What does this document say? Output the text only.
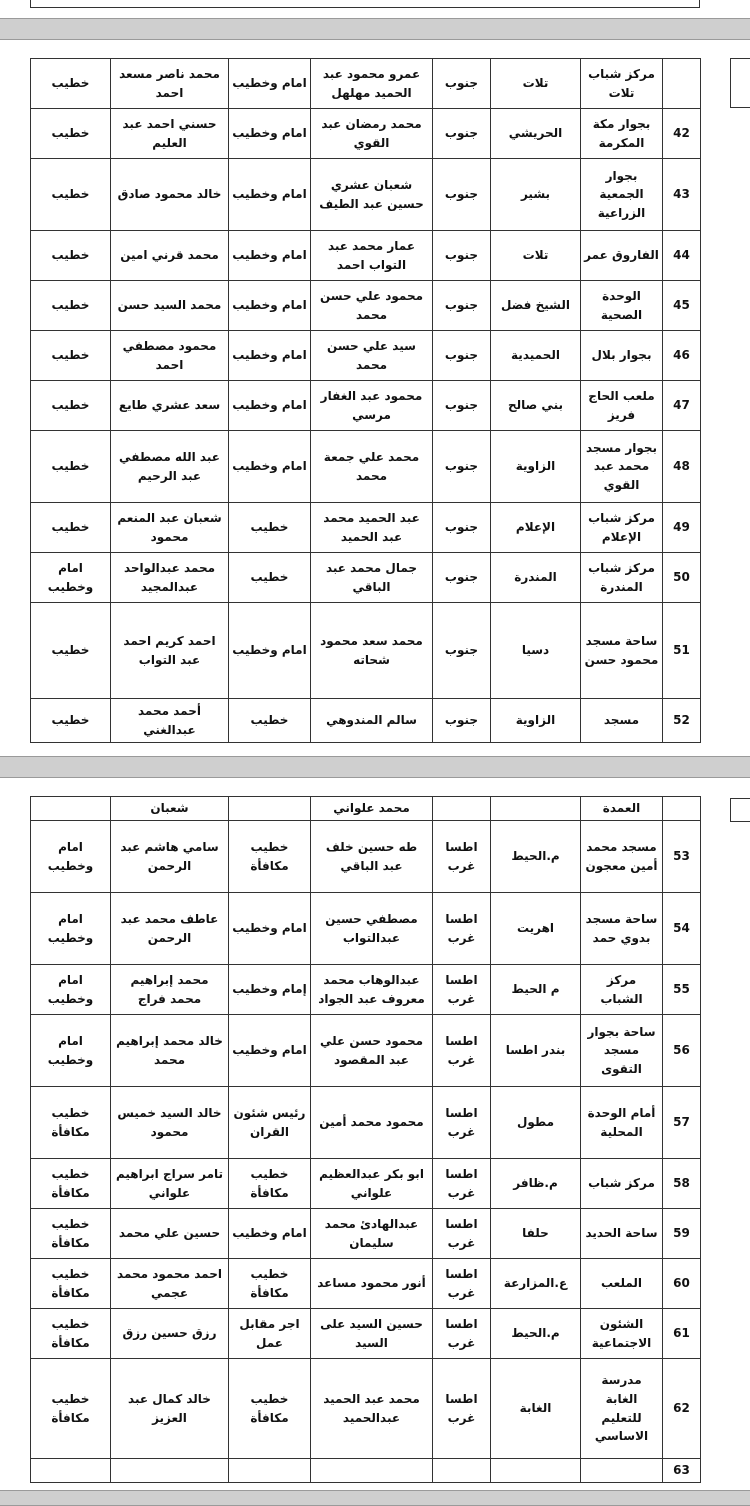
	مركز شباب تلات	تلات	جنوب	عمرو محمود عبد الحميد مهلهل	امام وخطيب	محمد ناصر مسعد احمد	خطيب
42	بجوار مكة المكرمة	الحريشي	جنوب	محمد رمضان عبد القوي	امام وخطيب	حسني احمد عبد العليم	خطيب
43	بجوار الجمعية الزراعية	بشير	جنوب	شعبان عشري حسين عبد الطيف	امام وخطيب	خالد محمود صادق	خطيب
44	الفاروق عمر	تلات	جنوب	عمار محمد عبد التواب احمد	امام وخطيب	محمد قرني امين	خطيب
45	الوحدة الصحية	الشيخ فضل	جنوب	محمود علي حسن محمد	امام وخطيب	محمد السيد حسن	خطيب
46	بجوار بلال	الحميدية	جنوب	سيد علي حسن محمد	امام وخطيب	محمود مصطفي احمد	خطيب
47	ملعب الحاج فريز	بني صالح	جنوب	محمود عبد الغفار مرسي	امام وخطيب	سعد عشري طايع	خطيب
48	بجوار مسجد محمد عبد القوي	الزاوية	جنوب	محمد علي جمعة محمد	امام وخطيب	عبد الله مصطفي عبد الرحيم	خطيب
49	مركز شباب الإعلام	الإعلام	جنوب	عبد الحميد محمد عبد الحميد	خطيب	شعبان عبد المنعم محمود	خطيب
50	مركز شباب المندرة	المندرة	جنوب	جمال محمد عبد الباقي	خطيب	محمد عبدالواحد عبدالمجيد	امام وخطيب
51	ساحة مسجد محمود حسن	دسيا	جنوب	محمد سعد محمود شحاته	امام وخطيب	احمد كريم احمد عبد التواب	خطيب
52	مسجد	الزاوية	جنوب	سالم المندوهي	خطيب	أحمد محمد عبدالغني	خطيب
	العمدة			محمد علواني		شعبان	
53	مسجد محمد أمين معجون	م.الحيط	اطسا غرب	طه حسين خلف عبد الباقي	خطيب مكافأة	سامي هاشم عبد الرحمن	امام وخطيب
54	ساحة مسجد بدوي حمد	اهريت	اطسا غرب	مصطفي حسين عبدالتواب	امام وخطيب	عاطف محمد عبد الرحمن	امام وخطيب
55	مركز الشباب	م الحيط	اطسا غرب	عبدالوهاب محمد معروف عبد الجواد	إمام وخطيب	محمد إبراهيم محمد فراج	امام وخطيب
56	ساحة بجوار مسجد التقوى	بندر اطسا	اطسا غرب	محمود حسن علي عبد المقصود	امام وخطيب	خالد محمد إبراهيم محمد	امام وخطيب
57	أمام الوحدة المحلية	مطول	اطسا غرب	محمود محمد أمين	رئيس شئون القران	خالد السيد خميس محمود	خطيب مكافأة
58	مركز شباب	م.ظافر	اطسا غرب	ابو بكر عبدالعظيم علواني	خطيب مكافأة	تامر سراج ابراهيم علواني	خطيب مكافأة
59	ساحة الحديد	حلفا	اطسا غرب	عبدالهادئ محمد سليمان	امام وخطيب	حسين علي محمد	خطيب مكافأة
60	الملعب	ع.المزارعة	اطسا غرب	أنور محمود مساعد	خطيب مكافأة	احمد محمود محمد عجمي	خطيب مكافأة
61	الشئون الاجتماعية	م.الحيط	اطسا غرب	حسين السيد على السيد	اجر مقابل عمل	رزق حسين رزق	خطيب مكافأة
62	مدرسة الغابة للتعليم الاساسي	الغابة	اطسا غرب	محمد عبد الحميد عبدالحميد	خطيب مكافأة	خالد كمال عبد العزيز	خطيب مكافأة
63							
